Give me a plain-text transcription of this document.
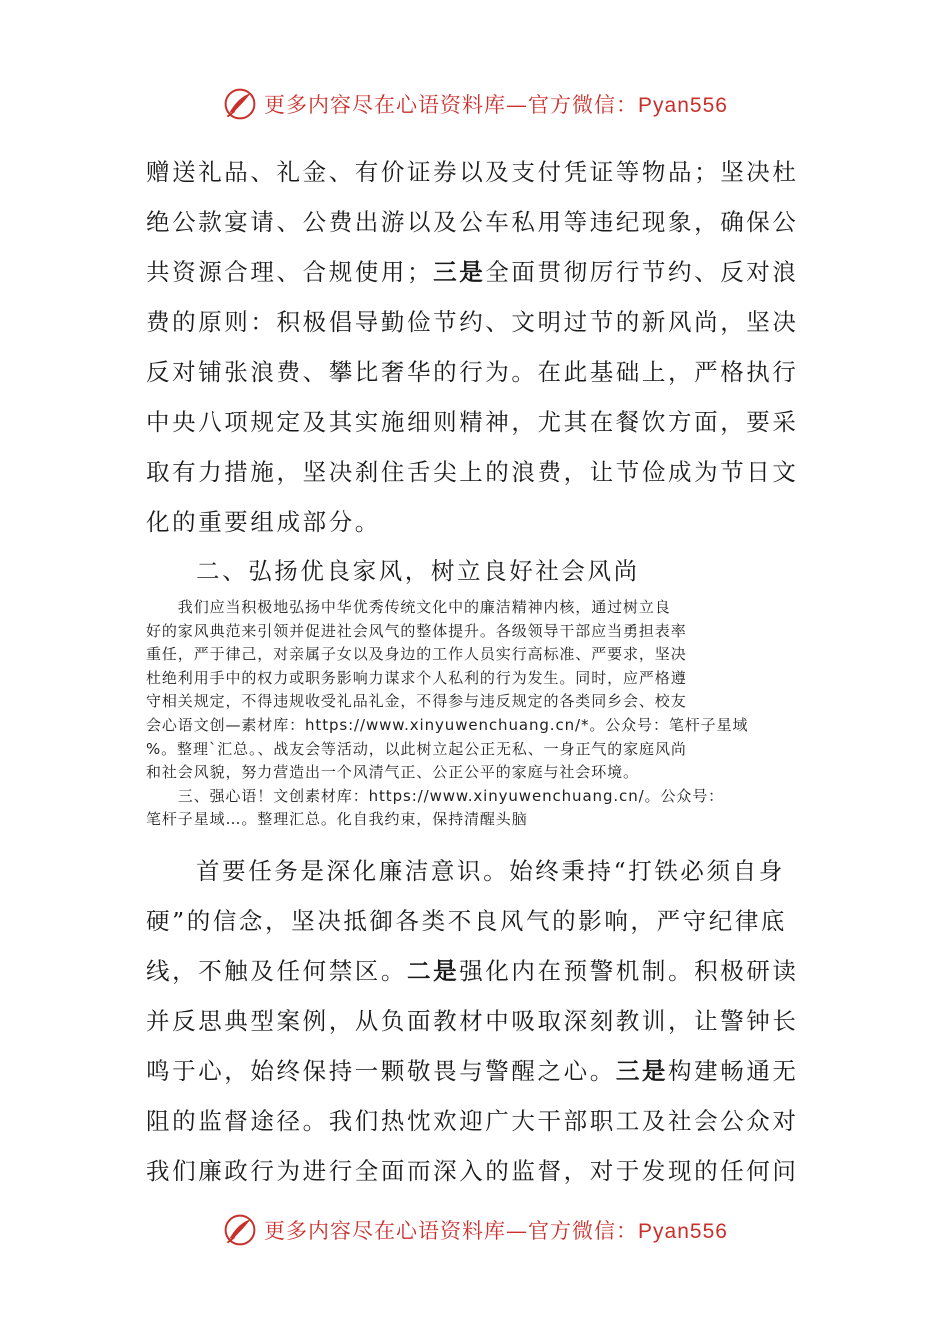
更多内容尽在心语资料库—官方微信：Pyan556
赠送礼品、礼金、有价证券以及支付凭证等物品；坚决杜
绝公款宴请、公费出游以及公车私用等违纪现象，确保公
共资源合理、合规使用；三是全面贯彻厉行节约、反对浪
费的原则：积极倡导勤俭节约、文明过节的新风尚，坚决
反对铺张浪费、攀比奢华的行为。在此基础上，严格执行
中央八项规定及其实施细则精神，尤其在餐饮方面，要采
取有力措施，坚决刹住舌尖上的浪费，让节俭成为节日文
化的重要组成部分。
二、弘扬优良家风，树立良好社会风尚
　　我们应当积极地弘扬中华优秀传统文化中的廉洁精神内核，通过树立良
好的家风典范来引领并促进社会风气的整体提升。各级领导干部应当勇担表率
重任，严于律己，对亲属子女以及身边的工作人员实行高标准、严要求，坚决
杜绝利用手中的权力或职务影响力谋求个人私利的行为发生。同时，应严格遵
守相关规定，不得违规收受礼品礼金，不得参与违反规定的各类同乡会、校友
会心语文创—素材库：https://www.xinyuwenchuang.cn/*。公众号：笔杆子星域
%。整理`汇总。、战友会等活动，以此树立起公正无私、一身正气的家庭风尚
和社会风貌，努力营造出一个风清气正、公正公平的家庭与社会环境。
　　三、强心语！文创素材库：https://www.xinyuwenchuang.cn/。公众号：
笔杆子星域…。整理汇总。化自我约束，保持清醒头脑
首要任务是深化廉洁意识。始终秉持“打铁必须自身
硬”的信念，坚决抵御各类不良风气的影响，严守纪律底
线，不触及任何禁区。二是强化内在预警机制。积极研读
并反思典型案例，从负面教材中吸取深刻教训，让警钟长
鸣于心，始终保持一颗敬畏与警醒之心。三是构建畅通无
阻的监督途径。我们热忱欢迎广大干部职工及社会公众对
我们廉政行为进行全面而深入的监督，对于发现的任何问
更多内容尽在心语资料库—官方微信：Pyan556
